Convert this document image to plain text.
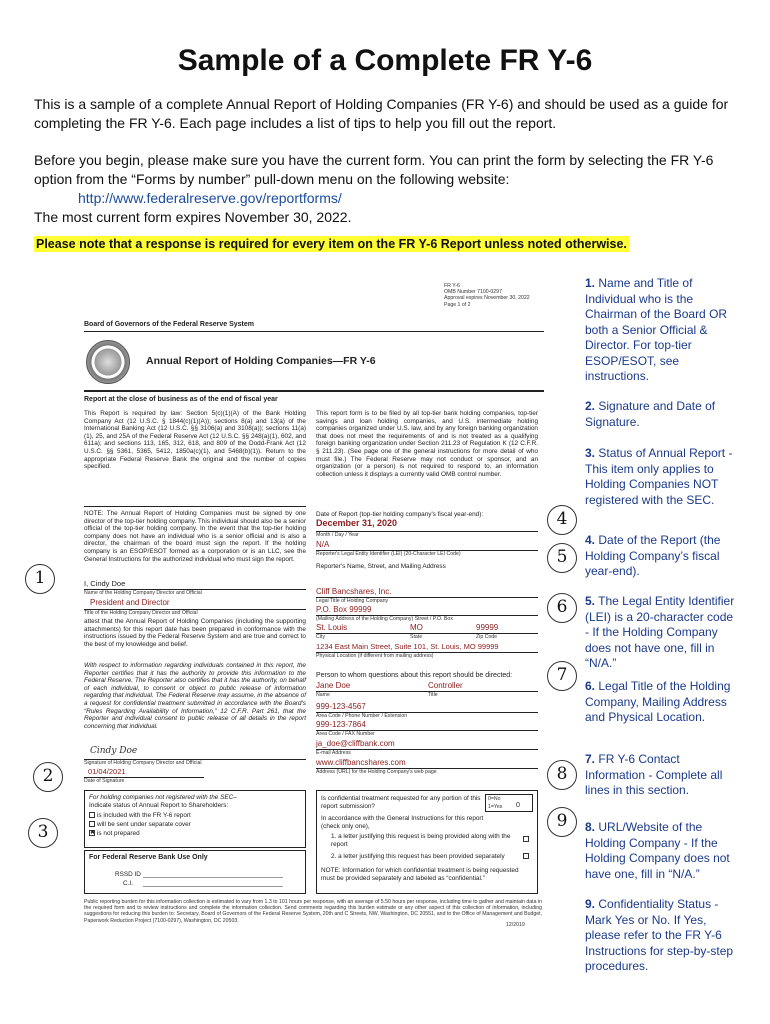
Sample of a Complete FR Y-6
This is a sample of a complete Annual Report of Holding Companies (FR Y-6) and should be used as a guide for completing the FR Y-6. Each page includes a list of tips to help you fill out the report.
Before you begin, please make sure you have the current form. You can print the form by selecting the FR Y-6 option from the “Forms by number” pull-down menu on the following website:
http://www.federalreserve.gov/reportforms/
The most current form expires November 30, 2022.
Please note that a response is required for every item on the FR Y-6 Report unless noted otherwise.
FR Y-6
OMB Number 7100-0297
Approval expires November 30, 2022
Page 1 of 2
Board of Governors of the Federal Reserve System
Annual Report of Holding Companies—FR Y-6
Report at the close of business as of the end of fiscal year
This Report is required by law: Section 5(c)(1)(A) of the Bank Holding Company Act (12 U.S.C. § 1844(c)(1)(A)); sections 8(a) and 13(a) of the International Banking Act (12 U.S.C. §§ 3106(a) and 3108(a)); sections 11(a)(1), 25, and 25A of the Federal Reserve Act (12 U.S.C. §§ 248(a)(1), 602, and 611a); and sections 113, 165, 312, 618, and 809 of the Dodd-Frank Act (12 U.S.C. §§ 5361, 5365, 5412, 1850a(c)(1), and 5468(b)(1)). Return to the appropriate Federal Reserve Bank the original and the number of copies specified.
This report form is to be filed by all top-tier bank holding companies, top-tier savings and loan holding companies, and U.S. intermediate holding companies organized under U.S. law, and by any foreign banking organization that does not meet the requirements of and is not treated as a qualifying foreign banking organization under Section 211.23 of Regulation K (12 C.F.R. § 211.23). (See page one of the general instructions for more detail of who must file.) The Federal Reserve may not conduct or sponsor, and an organization (or a person) is not required to respond to, an information collection unless it displays a currently valid OMB control number.
NOTE: The Annual Report of Holding Companies must be signed by one director of the top-tier holding company. This individual should also be a senior official of the top-tier holding company. In the event that the top-tier holding company does not have an individual who is a senior official and is also a director, the chairman of the board must sign the report. If the holding company is an ESOP/ESOT formed as a corporation or is an LLC, see the General Instructions for the authorized individual who must sign the report.
I, Cindy Doe
Name of the Holding Company Director and Official
President and Director
Title of the Holding Company Director and Official
attest that the Annual Report of Holding Companies (including the supporting attachments) for this report date has been prepared in conformance with the instructions issued by the Federal Reserve System and are true and correct to the best of my knowledge and belief.
With respect to information regarding individuals contained in this report, the Reporter certifies that it has the authority to provide this information to the Federal Reserve. The Reporter also certifies that it has the authority, on behalf of each individual, to consent or object to public release of information regarding that individual. The Federal Reserve may assume, in the absence of a request for confidential treatment submitted in accordance with the Board's “Rules Regarding Availability of Information,” 12 C.F.R. Part 261, that the Reporter and individual consent to public release of all details in the report concerning that individual.
Cindy Doe
Signature of Holding Company Director and Official
01/04/2021
Date of Signature
For holding companies not registered with the SEC–
Indicate status of Annual Report to Shareholders:
is included with the FR Y-6 report
will be sent under separate cover
✖ is not prepared
For Federal Reserve Bank Use Only
RSSD ID
C.I.
Date of Report (top-tier holding company's fiscal year-end):
December 31, 2020
Month / Day / Year
N/A
Reporter's Legal Entity Identifier (LEI) (20-Character LEI Code)
Reporter's Name, Street, and Mailing Address
Cliff Bancshares, Inc.
Legal Title of Holding Company
P.O. Box 99999
(Mailing Address of the Holding Company) Street / P.O. Box
St. Louis	MO	99999
City	State	Zip Code
1234 East Main Street, Suite 101, St. Louis, MO 99999
Physical Location (if different from mailing address)
Person to whom questions about this report should be directed:
Jane Doe	Controller
Name	Title
999-123-4567
Area Code / Phone Number / Extension
999-123-7864
Area Code / FAX Number
ja_doe@cliffbank.com
E-mail Address
www.cliffbancshares.com
Address (URL) for the Holding Company's web page
Is confidential treatment requested for any portion of this report submission?
0=No
1=Yes 0
In accordance with the General Instructions for this report (check only one),
1. a letter justifying this request is being provided along with the report
2. a letter justifying this request has been provided separately
NOTE: Information for which confidential treatment is being requested must be provided separately and labeled as “confidential.”
Public reporting burden for this information collection is estimated to vary from 1.3 to 101 hours per response, with an average of 5.50 hours per response, including time to gather and maintain data in the required form and to review instructions and complete the information collection. Send comments regarding this burden estimate or any other aspect of this collection of information, including suggestions for reducing this burden to: Secretary, Board of Governors of the Federal Reserve System, 20th and C Streets, NW, Washington, DC 20551, and to the Office of Management and Budget, Paperwork Reduction Project (7100-0297), Washington, DC 20503.
12/2019
1
2
3
4
5
6
7
8
9
1. Name and Title of Individual who is the Chairman of the Board OR both a Senior Official & Director. For top-tier ESOP/ESOT, see instructions.
2. Signature and Date of Signature.
3. Status of Annual Report - This item only applies to Holding Companies NOT registered with the SEC.
4. Date of the Report (the Holding Company’s fiscal year-end).
5. The Legal Entity Identifier (LEI) is a 20-character code - If the Holding Company does not have one, fill in “N/A.”
6. Legal Title of the Holding Company, Mailing Address and Physical Location.
7. FR Y-6 Contact Information - Complete all lines in this section.
8. URL/Website of the Holding Company - If the Holding Company does not have one, fill in “N/A.”
9. Confidentiality Status - Mark Yes or No. If Yes, please refer to the FR Y-6 Instructions for step-by-step procedures.
